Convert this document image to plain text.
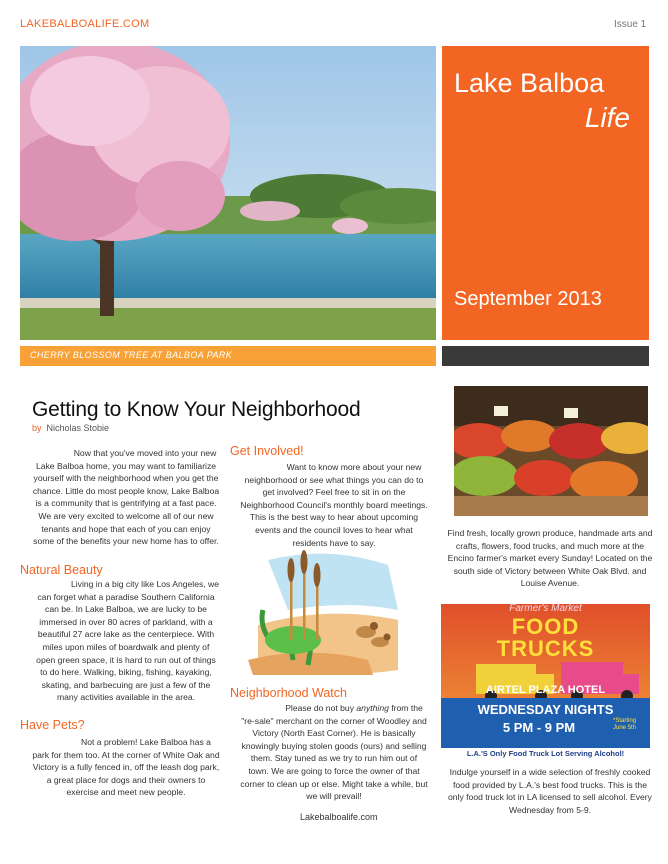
LAKEBALBOALIFE.COM	Issue 1
Lake Balboa
Life
September 2013
CHERRY BLOSSOM TREE AT BALBOA PARK
Getting to Know Your Neighborhood
by Nicholas Stobie
Now that you've moved into your new Lake Balboa home, you may want to familiarize yourself with the neighborhood when you get the chance. Little do most people know, Lake Balboa is a community that is gentrifying at a fast pace. We are very excited to welcome all of our new tenants and hope that each of you can enjoy some of the benefits your new home has to offer.
Natural Beauty
Living in a big city like Los Angeles, we can forget what a paradise Southern California can be. In Lake Balboa, we are lucky to be immersed in over 80 acres of parkland, with a beautiful 27 acre lake as the centerpiece. With miles upon miles of boardwalk and plenty of open green space, it is hard to run out of things to do here. Walking, biking, fishing, kayaking, skating, and barbecuing are just a few of the many activities available in the area.
Have Pets?
Not a problem! Lake Balboa has a park for them too. At the corner of White Oak and Victory is a fully fenced in, off the leash dog park, a great place for dogs and their owners to exercise and meet new people.
Get Involved!
Want to know more about your new neighborhood or see what things you can do to get involved? Feel free to sit in on the Neighborhood Council's monthly board meetings. This is the best way to hear about upcoming events and the council loves to hear what residents have to say.
Neighborhood Watch
Please do not buy anything from the "re-sale" merchant on the corner of Woodley and Victory (North East Corner). He is basically knowingly buying stolen goods (ours) and selling them. Stay tuned as we try to run him out of town. We are going to force the owner of that corner to clean up or else. Might take a while, but we will prevail!
Find fresh, locally grown produce, handmade arts and crafts, flowers, food trucks, and much more at the Encino farmer's market every Sunday! Located on the south side of Victory between White Oak Blvd. and Louise Avenue.
Farmer's Market
FOOD
TRUCKS
AIRTEL PLAZA HOTEL
WEDNESDAY NIGHTS
5 PM - 9 PM	*Starting June 5th
L.A.'S Only Food Truck Lot Serving Alcohol!
Indulge yourself in a wide selection of freshly cooked food provided by L.A.'s best food trucks. This is the only food truck lot in LA licensed to sell alcohol. Every Wednesday from 5-9.
Lakebalboalife.com
